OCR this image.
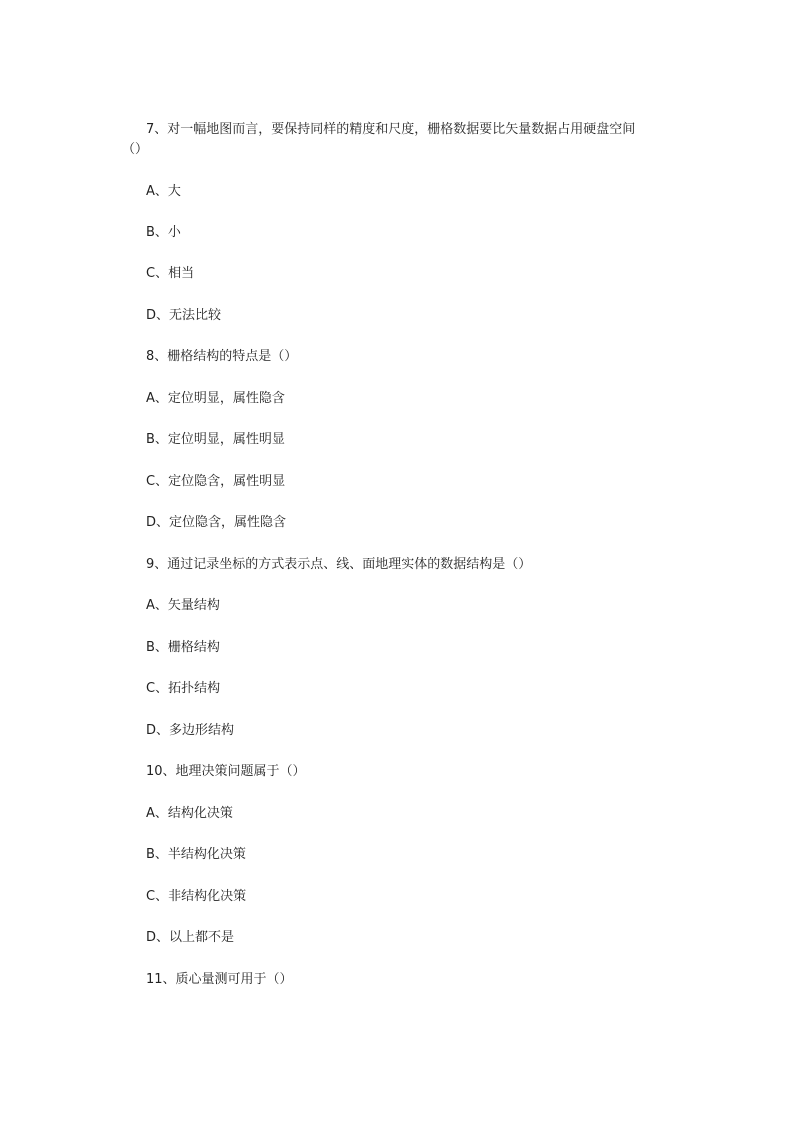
7、对一幅地图而言，要保持同样的精度和尺度，栅格数据要比矢量数据占用硬盘空间
（）
A、大
B、小
C、相当
D、无法比较
8、栅格结构的特点是（）
A、定位明显，属性隐含
B、定位明显，属性明显
C、定位隐含，属性明显
D、定位隐含，属性隐含
9、通过记录坐标的方式表示点、线、面地理实体的数据结构是（）
A、矢量结构
B、栅格结构
C、拓扑结构
D、多边形结构
10、地理决策问题属于（）
A、结构化决策
B、半结构化决策
C、非结构化决策
D、以上都不是
11、质心量测可用于（）
